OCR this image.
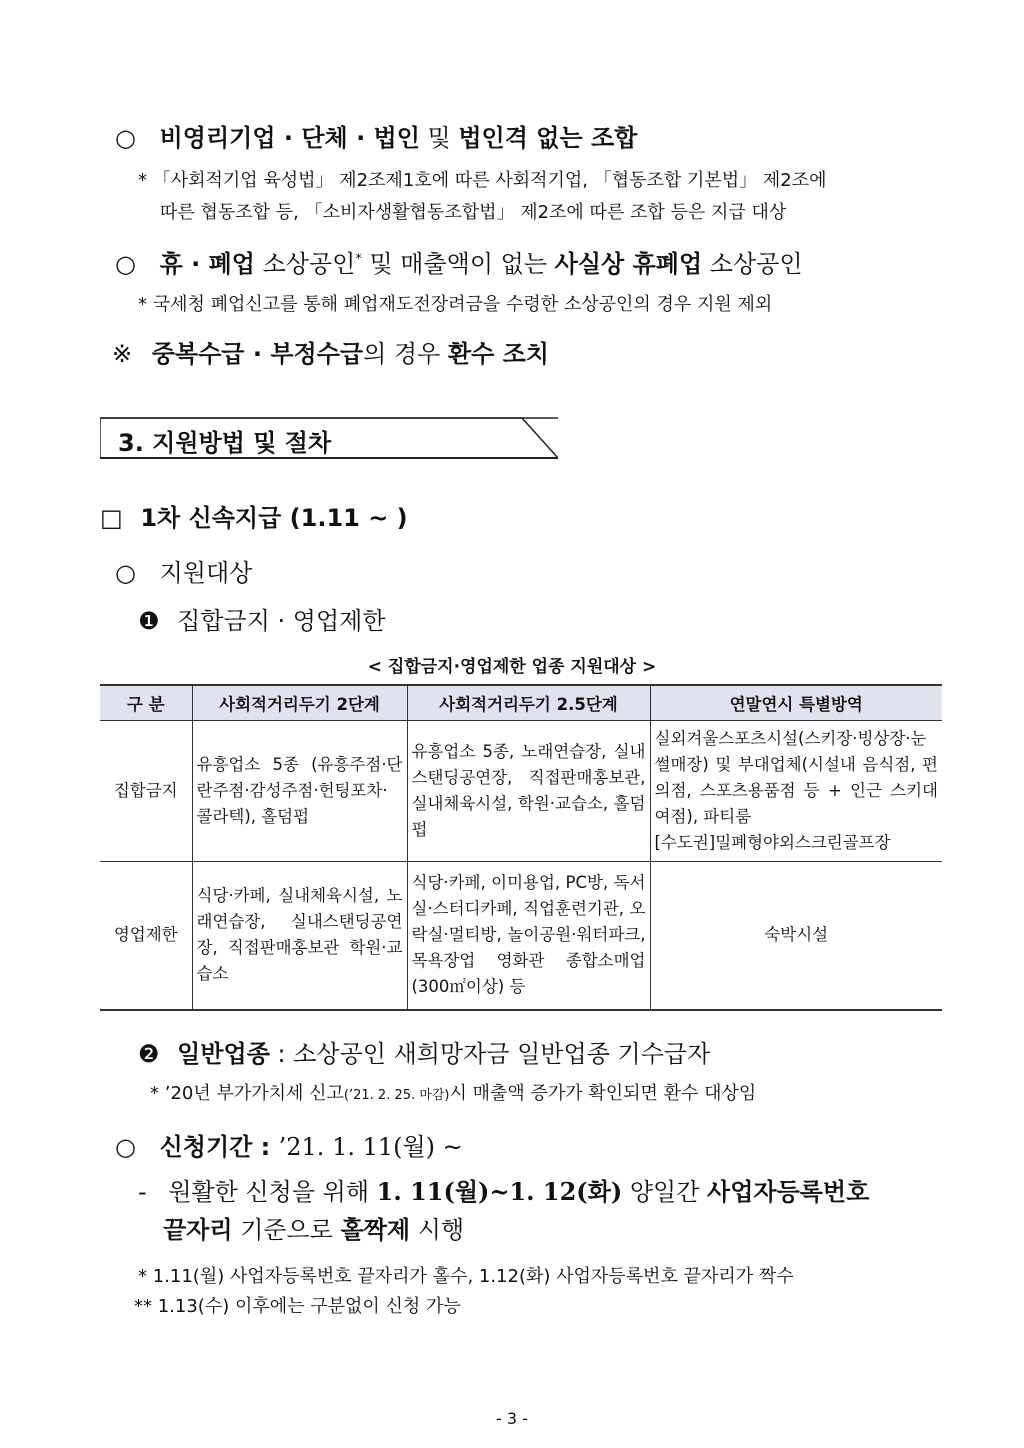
○ 비영리기업 · 단체 · 법인 및 법인격 없는 조합
* 「사회적기업 육성법」 제2조제1호에 따른 사회적기업, 「협동조합 기본법」 제2조에
따른 협동조합 등, 「소비자생활협동조합법」 제2조에 따른 조합 등은 지급 대상
○ 휴 · 폐업 소상공인* 및 매출액이 없는 사실상 휴폐업 소상공인
* 국세청 폐업신고를 통해 폐업재도전장려금을 수령한 소상공인의 경우 지원 제외
※ 중복수급 · 부정수급의 경우 환수 조치
3. 지원방법 및 절차
□ 1차 신속지급 (1.11 ~ )
○ 지원대상
❶ 집합금지 · 영업제한
< 집합금지·영업제한 업종 지원대상 >
구 분	사회적거리두기 2단계	사회적거리두기 2.5단계	연말연시 특별방역
집합금지	유흥업소 5종 (유흥주점·단란주점·감성주점·헌팅포차·콜라텍), 홀덤펍	유흥업소 5종, 노래연습장, 실내스탠딩공연장, 직접판매홍보관, 실내체육시설, 학원·교습소, 홀덤펍	실외겨울스포츠시설(스키장·빙상장·눈썰매장) 및 부대업체(시설내 음식점, 편의점, 스포츠용품점 등 + 인근 스키대여점), 파티룸
[수도권]밀폐형야외스크린골프장

영업제한	식당·카페, 실내체육시설, 노래연습장, 실내스탠딩공연장, 직접판매홍보관 학원·교습소	식당·카페, 이미용업, PC방, 독서실·스터디카페, 직업훈련기관, 오락실·멀티방, 놀이공원·워터파크, 목욕장업 영화관 종합소매업(300㎡이상) 등	숙박시설
❷ 일반업종 : 소상공인 새희망자금 일반업종 기수급자
* ’20년 부가가치세 신고(’21. 2. 25. 마감)시 매출액 증가가 확인되면 환수 대상임
○ 신청기간 : ’21. 1. 11(월) ~
- 원활한 신청을 위해 1. 11(월)~1. 12(화) 양일간 사업자등록번호
끝자리 기준으로 홀짝제 시행
* 1.11(월) 사업자등록번호 끝자리가 홀수, 1.12(화) 사업자등록번호 끝자리가 짝수
** 1.13(수) 이후에는 구분없이 신청 가능
- 3 -
